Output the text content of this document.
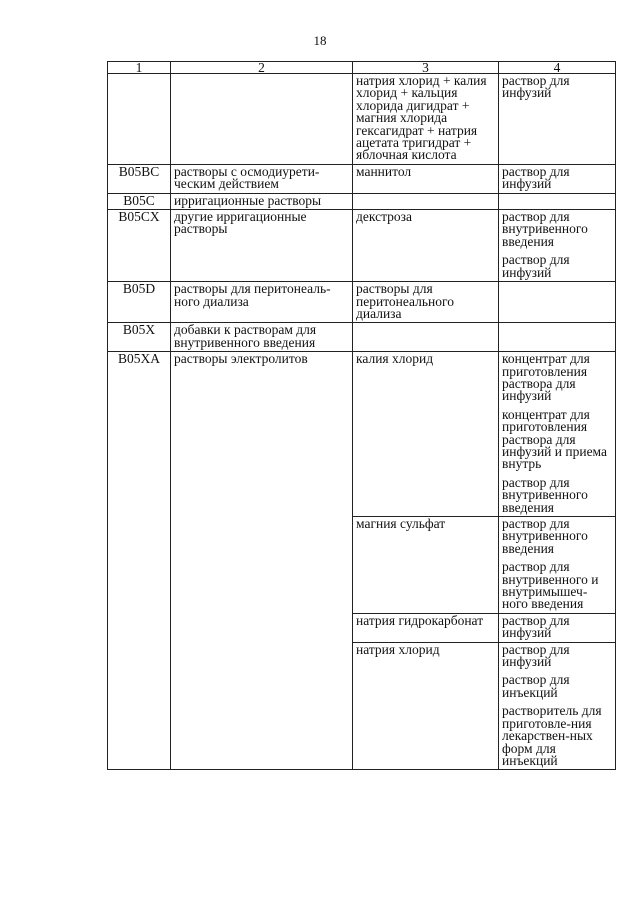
18
1	2	3	4
		натрия хлорид + калия хлорид + кальция хлорида дигидрат + магния хлорида гексагидрат + натрия ацетата тригидрат + яблочная кислота	раствор для инфузий

B05BC	растворы с осмодиурети-ческим действием	маннитол	раствор для инфузий

B05C	ирригационные растворы		

B05CX	другие ирригационные растворы	декстроза	раствор для внутривенного введения
раствор для инфузий

B05D	растворы для перитонеаль-ного диализа	растворы для перитонеального диализа	

B05X	добавки к растворам для внутривенного введения		

B05XA	растворы электролитов	калия хлорид	концентрат для приготовления раствора для инфузий
концентрат для приготовления раствора для инфузий и приема внутрь
раствор для внутривенного введения

		магния сульфат	раствор для внутривенного введения
раствор для внутривенного и внутримышеч-ного введения

		натрия гидрокарбонат	раствор для инфузий

		натрия хлорид	раствор для инфузий
раствор для инъекций
растворитель для приготовле-ния лекарствен-ных форм для инъекций
